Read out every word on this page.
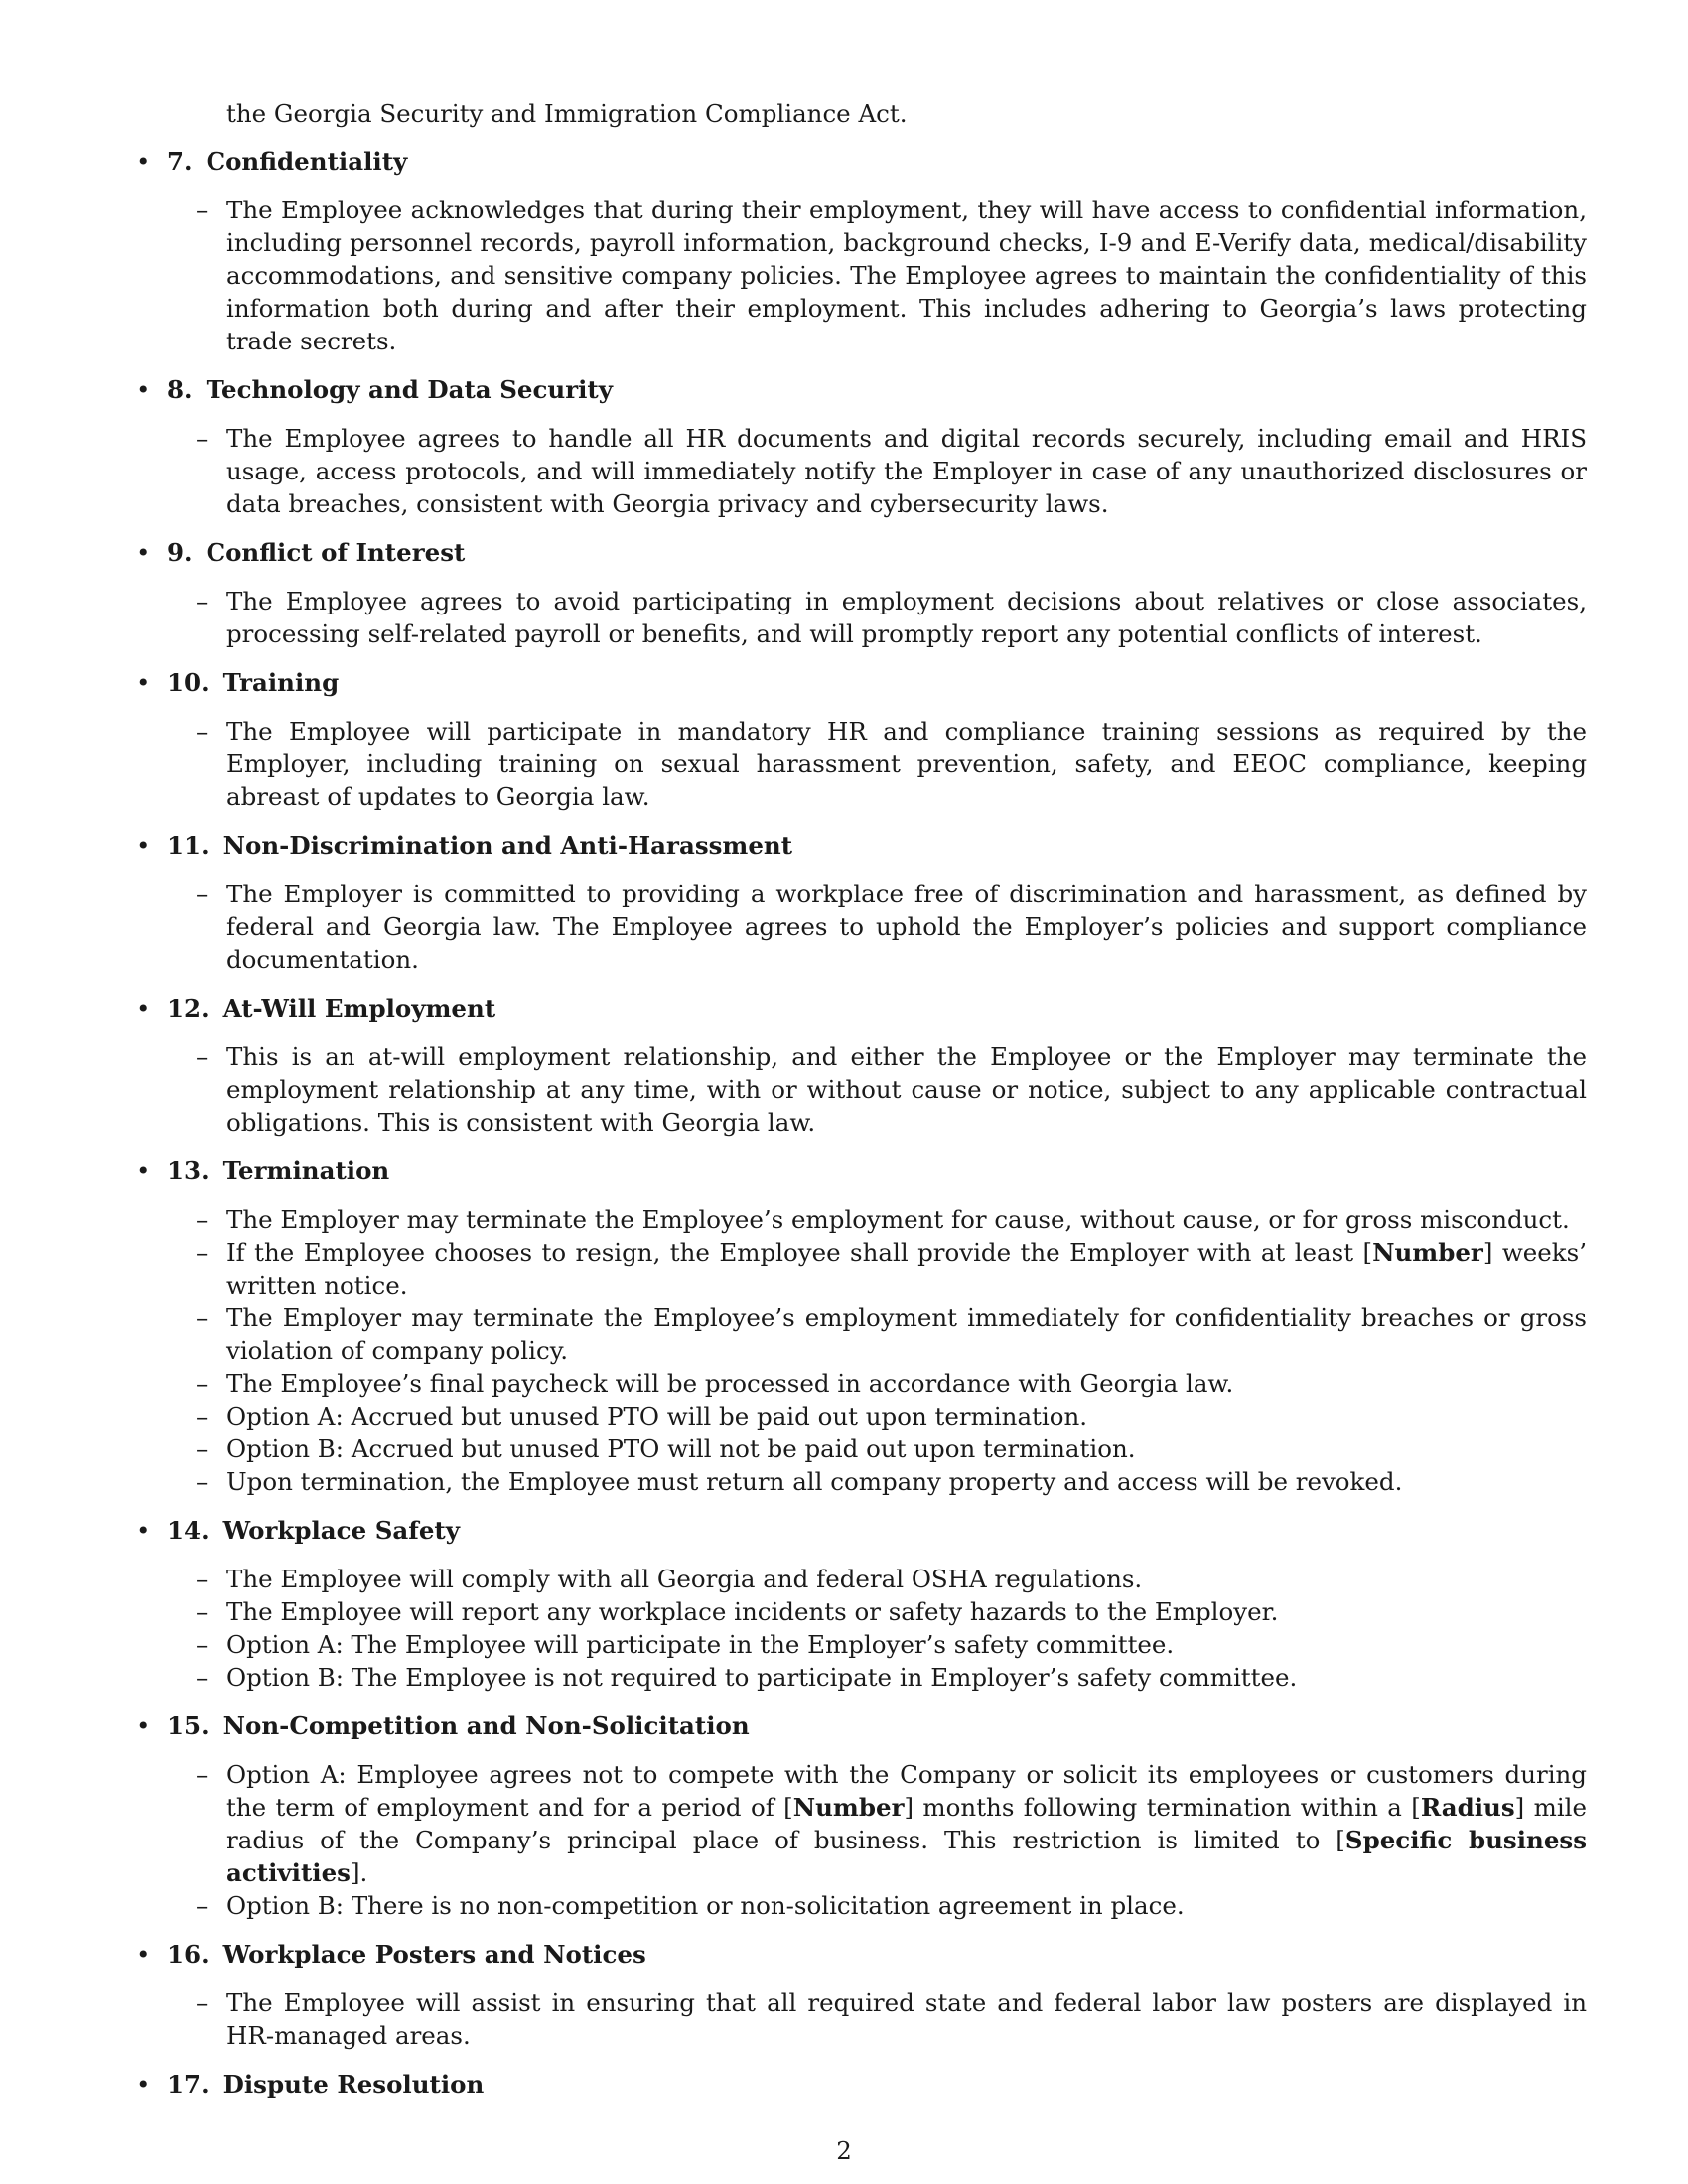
the Georgia Security and Immigration Compliance Act.
• 7. Confidentiality
– The Employee acknowledges that during their employment, they will have access to confidential information, including personnel records, payroll information, background checks, I-9 and E-Verify data, medical/disability accommodations, and sensitive company policies. The Employee agrees to maintain the confidentiality of this information both during and after their employment. This includes adhering to Georgia’s laws protecting trade secrets.
• 8. Technology and Data Security
– The Employee agrees to handle all HR documents and digital records securely, including email and HRIS usage, access protocols, and will immediately notify the Employer in case of any unauthorized disclosures or data breaches, consistent with Georgia privacy and cybersecurity laws.
• 9. Conflict of Interest
– The Employee agrees to avoid participating in employment decisions about relatives or close associates, processing self-related payroll or benefits, and will promptly report any potential conflicts of interest.
• 10. Training
– The Employee will participate in mandatory HR and compliance training sessions as required by the Employer, including training on sexual harassment prevention, safety, and EEOC compliance, keeping abreast of updates to Georgia law.
• 11. Non-Discrimination and Anti-Harassment
– The Employer is committed to providing a workplace free of discrimination and harassment, as defined by federal and Georgia law. The Employee agrees to uphold the Employer’s policies and support compliance documentation.
• 12. At-Will Employment
– This is an at-will employment relationship, and either the Employee or the Employer may terminate the employment relationship at any time, with or without cause or notice, subject to any applicable contractual obligations. This is consistent with Georgia law.
• 13. Termination
– The Employer may terminate the Employee’s employment for cause, without cause, or for gross misconduct.
– If the Employee chooses to resign, the Employee shall provide the Employer with at least [Number] weeks’ written notice.
– The Employer may terminate the Employee’s employment immediately for confidentiality breaches or gross violation of company policy.
– The Employee’s final paycheck will be processed in accordance with Georgia law.
– Option A: Accrued but unused PTO will be paid out upon termination.
– Option B: Accrued but unused PTO will not be paid out upon termination.
– Upon termination, the Employee must return all company property and access will be revoked.
• 14. Workplace Safety
– The Employee will comply with all Georgia and federal OSHA regulations.
– The Employee will report any workplace incidents or safety hazards to the Employer.
– Option A: The Employee will participate in the Employer’s safety committee.
– Option B: The Employee is not required to participate in Employer’s safety committee.
• 15. Non-Competition and Non-Solicitation
– Option A: Employee agrees not to compete with the Company or solicit its employees or customers during the term of employment and for a period of [Number] months following termination within a [Radius] mile radius of the Company’s principal place of business. This restriction is limited to [Specific business activities].
– Option B: There is no non-competition or non-solicitation agreement in place.
• 16. Workplace Posters and Notices
– The Employee will assist in ensuring that all required state and federal labor law posters are displayed in HR-managed areas.
• 17. Dispute Resolution
2
